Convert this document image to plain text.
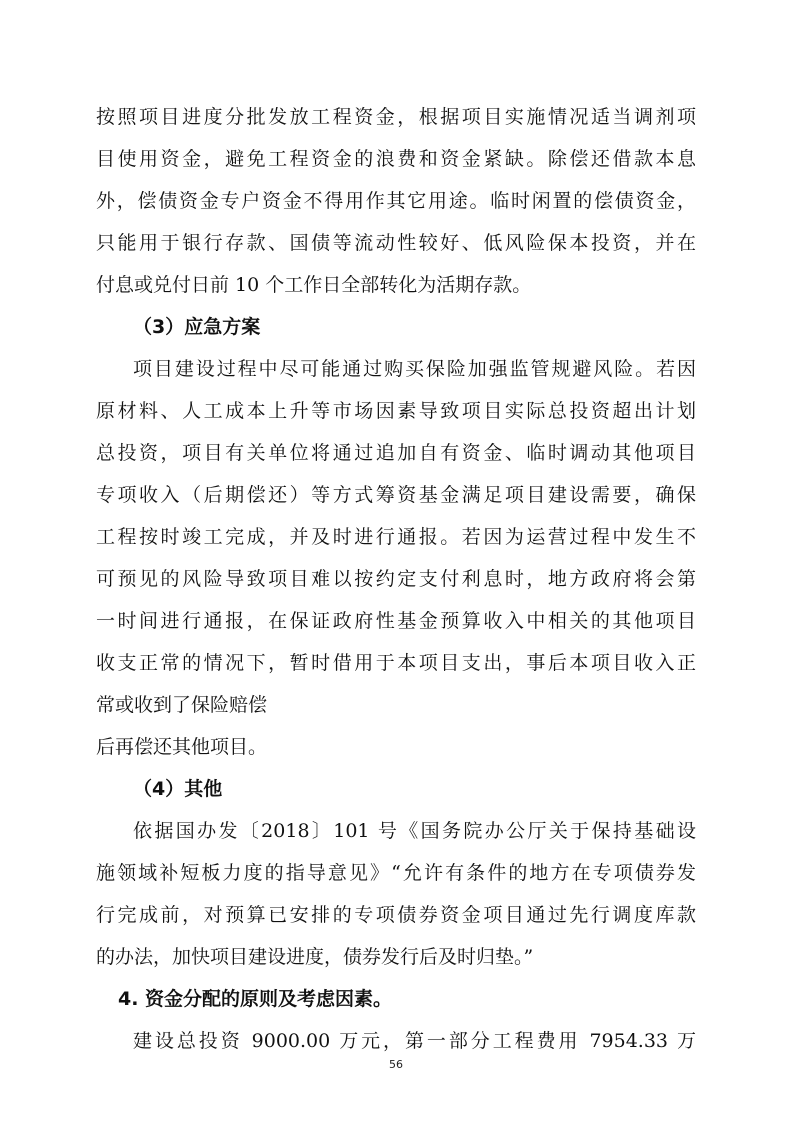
按照项目进度分批发放工程资金，根据项目实施情况适当调剂项
目使用资金，避免工程资金的浪费和资金紧缺。除偿还借款本息
外，偿债资金专户资金不得用作其它用途。临时闲置的偿债资金，
只能用于银行存款、国债等流动性较好、低风险保本投资，并在
付息或兑付日前 10 个工作日全部转化为活期存款。
（3）应急方案
项目建设过程中尽可能通过购买保险加强监管规避风险。若因
原材料、人工成本上升等市场因素导致项目实际总投资超出计划
总投资，项目有关单位将通过追加自有资金、临时调动其他项目
专项收入（后期偿还）等方式筹资基金满足项目建设需要，确保
工程按时竣工完成，并及时进行通报。若因为运营过程中发生不
可预见的风险导致项目难以按约定支付利息时，地方政府将会第
一时间进行通报，在保证政府性基金预算收入中相关的其他项目
收支正常的情况下，暂时借用于本项目支出，事后本项目收入正
常或收到了保险赔偿
后再偿还其他项目。
（4）其他
依据国办发〔2018〕101 号《国务院办公厅关于保持基础设
施领域补短板力度的指导意见》“允许有条件的地方在专项债券发
行完成前，对预算已安排的专项债券资金项目通过先行调度库款
的办法，加快项目建设进度，债券发行后及时归垫。”
4. 资金分配的原则及考虑因素。
建设总投资 9000.00 万元，第一部分工程费用 7954.33 万
56
